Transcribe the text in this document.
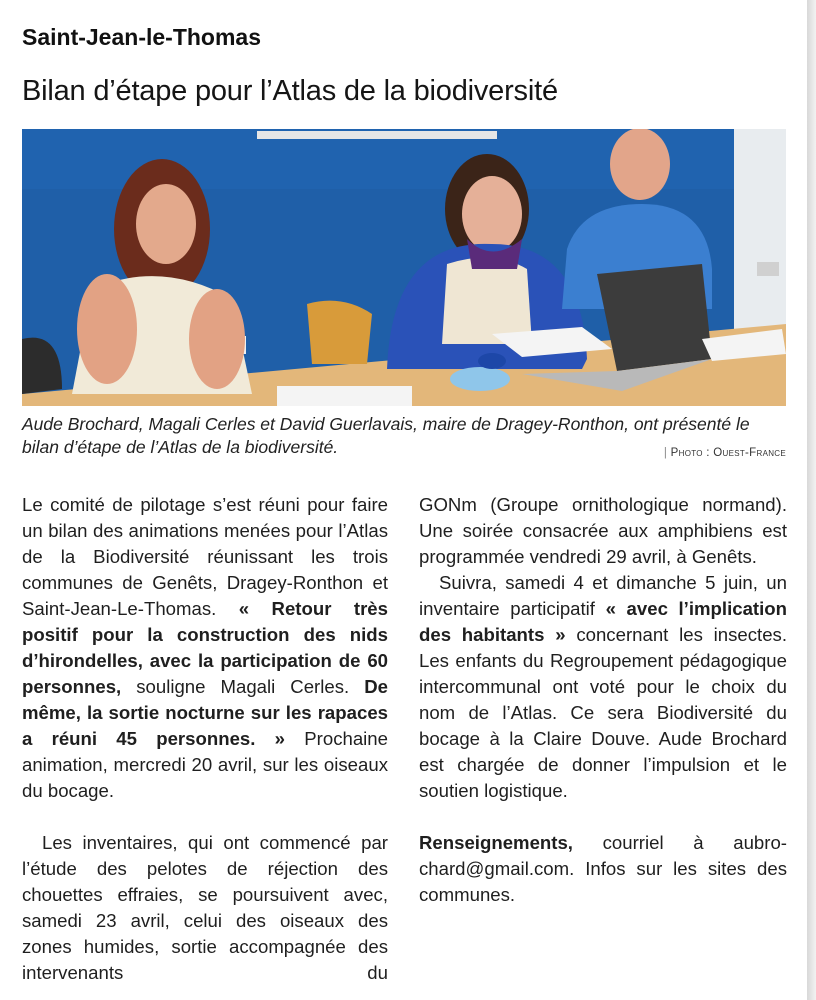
Saint-Jean-le-Thomas
Bilan d’étape pour l’Atlas de la biodiversité
Aude Brochard, Magali Cerles et David Guerlavais, maire de Dragey-Ronthon, ont présenté le bilan d’étape de l’Atlas de la biodiversité.
|	Photo : Ouest-France

Le comité de pilotage s’est réuni pour faire un bilan des animations menées pour l’Atlas de la Biodiversité réunissant les trois communes de Genêts, Dragey-Ronthon et Saint-Jean-Le-Thomas. « Retour très positif pour la construction des nids d’hirondelles, avec la participation de 60 personnes, souligne Magali Cerles. De même, la sortie nocturne sur les rapaces a réuni 45 personnes. » Prochaine animation, mercredi 20 avril, sur les oiseaux du bocage.

Les inventaires, qui ont commencé par l’étude des pelotes de réjection des chouettes effraies, se poursuivent avec, samedi 23 avril, celui des oiseaux des zones humides, sortie accompagnée des intervenants du

GONm (Groupe ornithologique normand). Une soirée consacrée aux amphibiens est programmée vendredi 29 avril, à Genêts.

Suivra, samedi 4 et dimanche 5 juin, un inventaire participatif « avec l’implication des habitants » concernant les insectes. Les enfants du Regroupement pédagogique intercommunal ont voté pour le choix du nom de l’Atlas. Ce sera Biodiversité du bocage à la Claire Douve. Aude Brochard est chargée de donner l’impulsion et le soutien logistique.

Renseignements, courriel à aubrochard@gmail.com. Infos sur les sites des communes.
